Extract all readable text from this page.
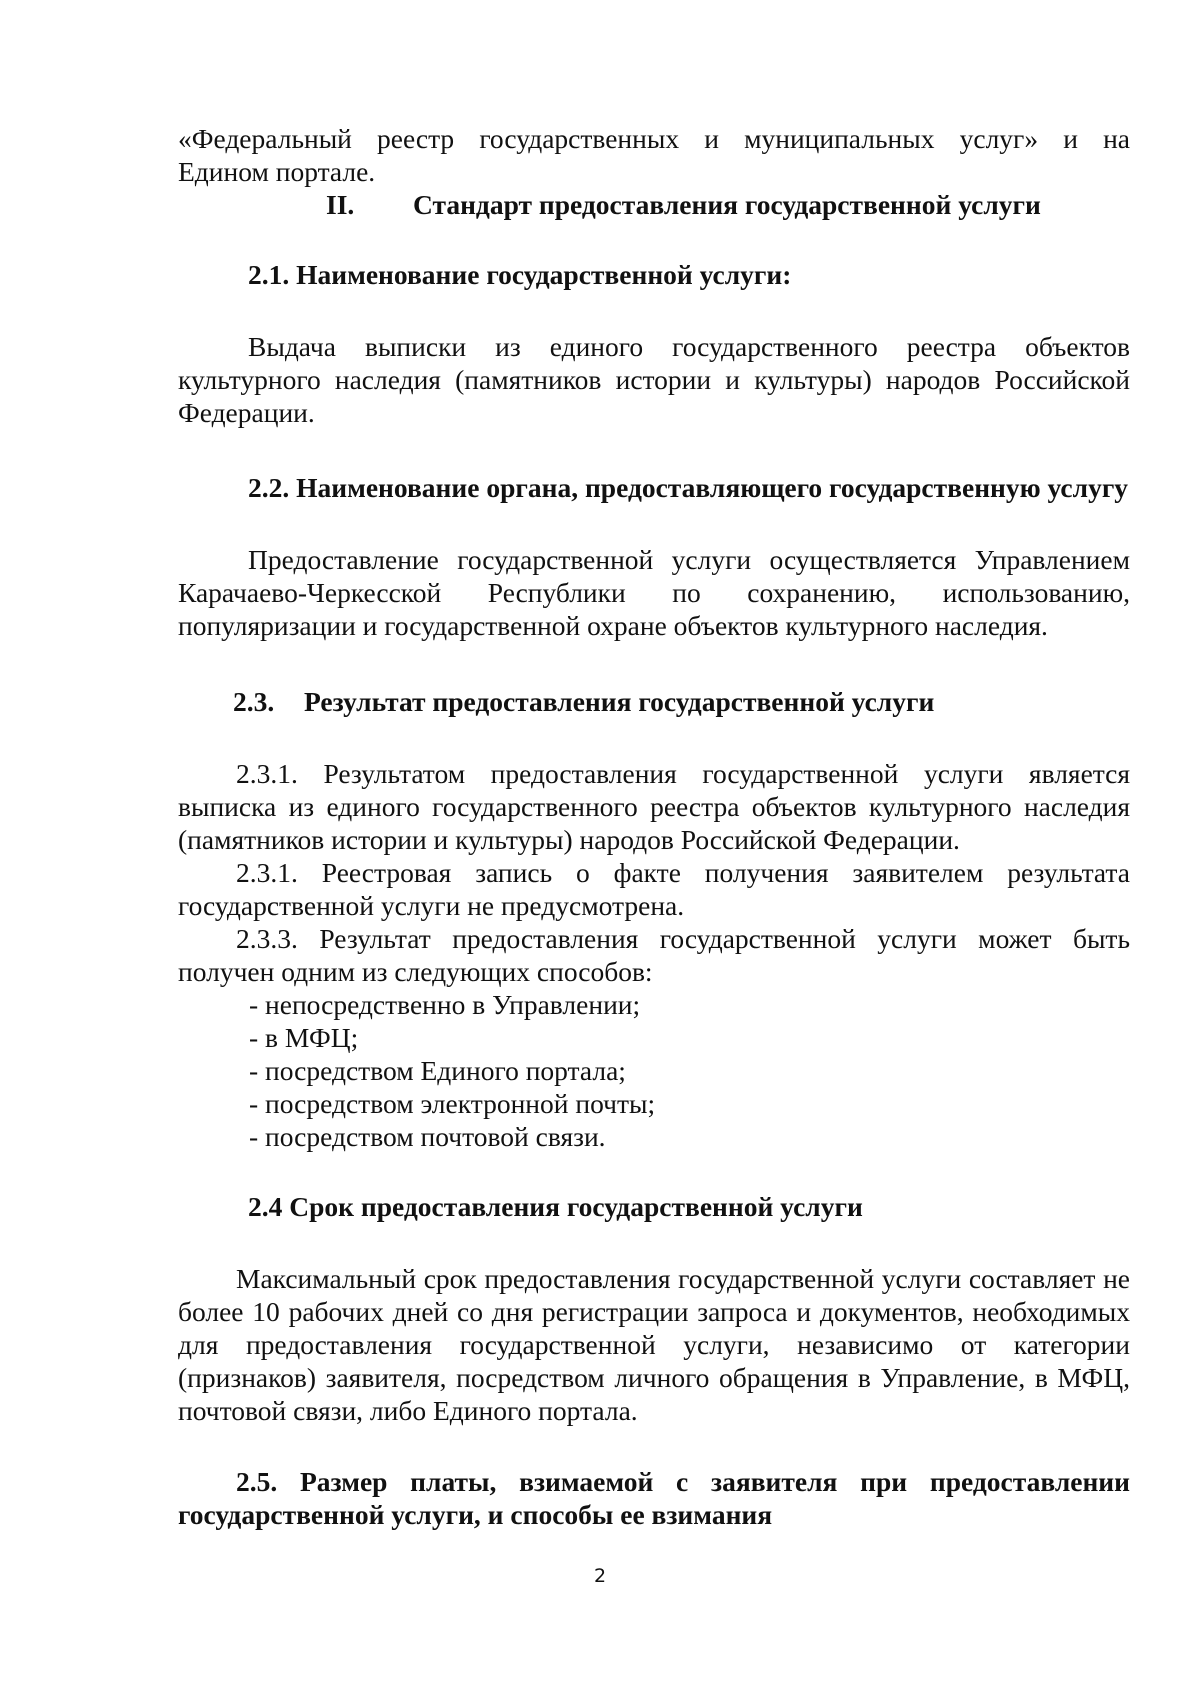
«Федеральный реестр государственных и муниципальных услуг» и на

Едином портале.

II.	Стандарт предоставления государственной услуги

2.1. Наименование государственной услуги:

Выдача выписки из единого государственного реестра объектов культурного наследия (памятников истории и культуры) народов Российской Федерации.

2.2. Наименование органа, предоставляющего государственную услугу

Предоставление государственной услуги осуществляется Управлением Карачаево-Черкесской Республики по сохранению, использованию, популяризации и государственной охране объектов культурного наследия.

2.3.	Результат предоставления государственной услуги

2.3.1. Результатом предоставления государственной услуги является выписка из единого государственного реестра объектов культурного наследия (памятников истории и культуры) народов Российской Федерации.

2.3.1. Реестровая запись о факте получения заявителем результата государственной услуги не предусмотрена.

2.3.3. Результат предоставления государственной услуги может быть получен одним из следующих способов:

- непосредственно в Управлении;

- в МФЦ;

- посредством Единого портала;

- посредством электронной почты;

- посредством почтовой связи.

2.4 Срок предоставления государственной услуги

Максимальный срок предоставления государственной услуги составляет не более 10 рабочих дней со дня регистрации запроса и документов, необходимых для предоставления государственной услуги, независимо от категории (признаков) заявителя, посредством личного обращения в Управление, в МФЦ, почтовой связи, либо Единого портала.

2.5. Размер платы, взимаемой с заявителя при предоставлении государственной услуги, и способы ее взимания

2
